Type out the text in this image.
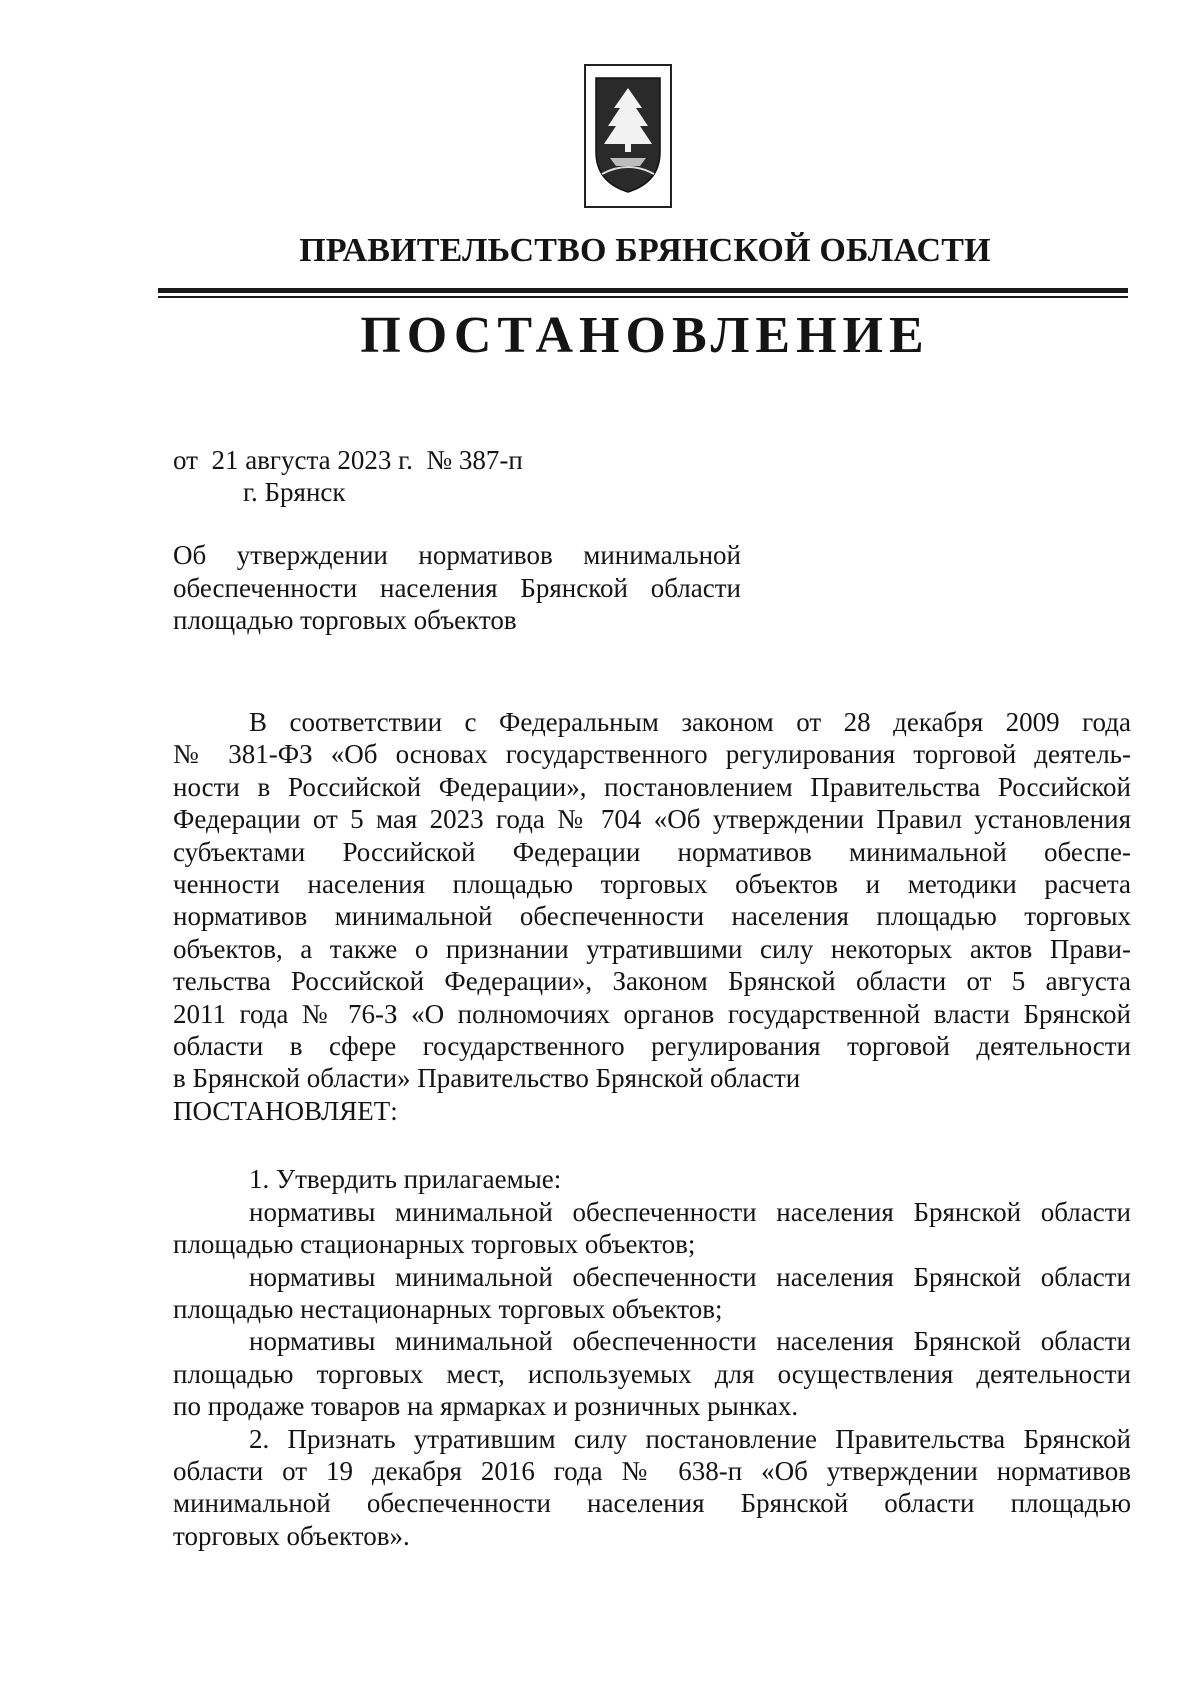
ПРАВИТЕЛЬСТВО БРЯНСКОЙ ОБЛАСТИ
ПОСТАНОВЛЕНИЕ
от  21 августа 2023 г.  № 387-п
г. Брянск
Об утверждении нормативов минимальной
обеспеченности населения Брянской области
площадью торговых объектов
В соответствии с Федеральным законом от 28 декабря 2009 года
№ 381-ФЗ «Об основах государственного регулирования торговой деятель-
ности в Российской Федерации», постановлением Правительства Российской
Федерации от 5 мая 2023 года № 704 «Об утверждении Правил установления
субъектами Российской Федерации нормативов минимальной обеспе-
ченности населения площадью торговых объектов и методики расчета
нормативов минимальной обеспеченности населения площадью торговых
объектов, а также о признании утратившими силу некоторых актов Прави-
тельства Российской Федерации», Законом Брянской области от 5 августа
2011 года № 76-З «О полномочиях органов государственной власти Брянской
области в сфере государственного регулирования торговой деятельности
в Брянской области» Правительство Брянской области
ПОСТАНОВЛЯЕТ:
1. Утвердить прилагаемые:
нормативы минимальной обеспеченности населения Брянской области
площадью стационарных торговых объектов;
нормативы минимальной обеспеченности населения Брянской области
площадью нестационарных торговых объектов;
нормативы минимальной обеспеченности населения Брянской области
площадью торговых мест, используемых для осуществления деятельности
по продаже товаров на ярмарках и розничных рынках.
2. Признать утратившим силу постановление Правительства Брянской
области от 19 декабря 2016 года № 638-п «Об утверждении нормативов
минимальной обеспеченности населения Брянской области площадью
торговых объектов».
